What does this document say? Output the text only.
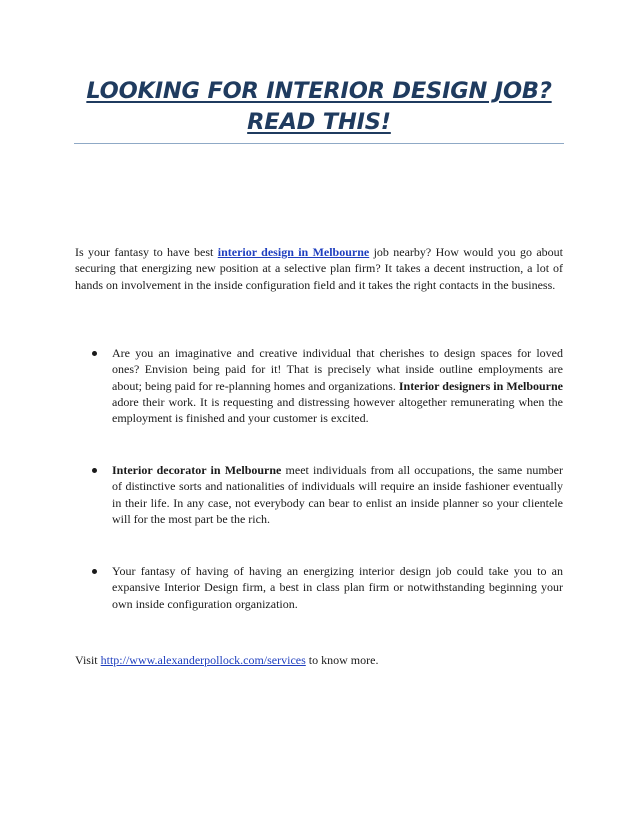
LOOKING FOR INTERIOR DESIGN JOB?
READ THIS!

Is your fantasy to have best interior design in Melbourne job nearby? How would you go about securing that energizing new position at a selective plan firm? It takes a decent instruction, a lot of hands on involvement in the inside configuration field and it takes the right contacts in the business.

Are you an imaginative and creative individual that cherishes to design spaces for loved ones? Envision being paid for it! That is precisely what inside outline employments are about; being paid for re-planning homes and organizations. Interior designers in Melbourne adore their work. It is requesting and distressing however altogether remunerating when the employment is finished and your customer is excited.
Interior decorator in Melbourne meet individuals from all occupations, the same number of distinctive sorts and nationalities of individuals will require an inside fashioner eventually in their life. In any case, not everybody can bear to enlist an inside planner so your clientele will for the most part be the rich.
Your fantasy of having of having an energizing interior design job could take you to an expansive Interior Design firm, a best in class plan firm or notwithstanding beginning your own inside configuration organization.

Visit http://www.alexanderpollock.com/services to know more.
